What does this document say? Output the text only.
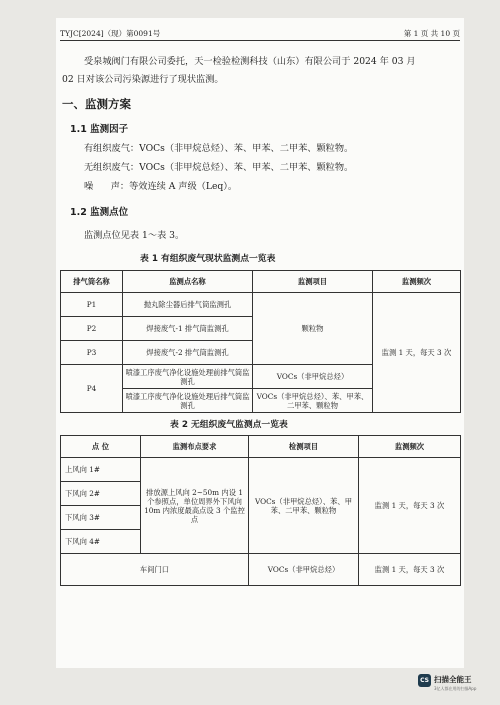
TYJC[2024]（现）第0091号	第 1 页 共 10 页
受泉城阀门有限公司委托，天一检验检测科技（山东）有限公司于 2024 年 03 月
02 日对该公司污染源进行了现状监测。
一、监测方案
1.1 监测因子
有组织废气：VOCs（非甲烷总烃）、苯、甲苯、二甲苯、颗粒物。
无组织废气：VOCs（非甲烷总烃）、苯、甲苯、二甲苯、颗粒物。
噪      声：等效连续 A 声级（Leq）。
1.2 监测点位
监测点位见表 1～表 3。
表 1 有组织废气现状监测点一览表
排气筒名称	监测点名称	监测项目	监测频次
P1	抛丸除尘器后排气筒监测孔	颗粒物	监测 1 天，每天 3 次
P2	焊接废气-1 排气筒监测孔		
P3	焊接废气-2 排气筒监测孔		
P4	喷漆工序废气净化设施处理前排气筒监测孔	VOCs（非甲烷总烃）	
	喷漆工序废气净化设施处理后排气筒监测孔	VOCs（非甲烷总烃）、苯、甲苯、二甲苯、颗粒物	
表 2 无组织废气监测点一览表
点 位	监测布点要求	检测项目	监测频次
上风向 1#	排放源上风向 2~50m 内设 1 个参照点，单位周界外下风向 10m 内浓度最高点设 3 个监控点	VOCs（非甲烷总烃）、苯、甲苯、二甲苯、颗粒物	监测 1 天，每天 3 次
下风向 2#			
下风向 3#			
下风向 4#			
车间门口		VOCs（非甲烷总烃）	监测 1 天，每天 3 次
CS 扫描全能王
3亿人都在用的扫描App
